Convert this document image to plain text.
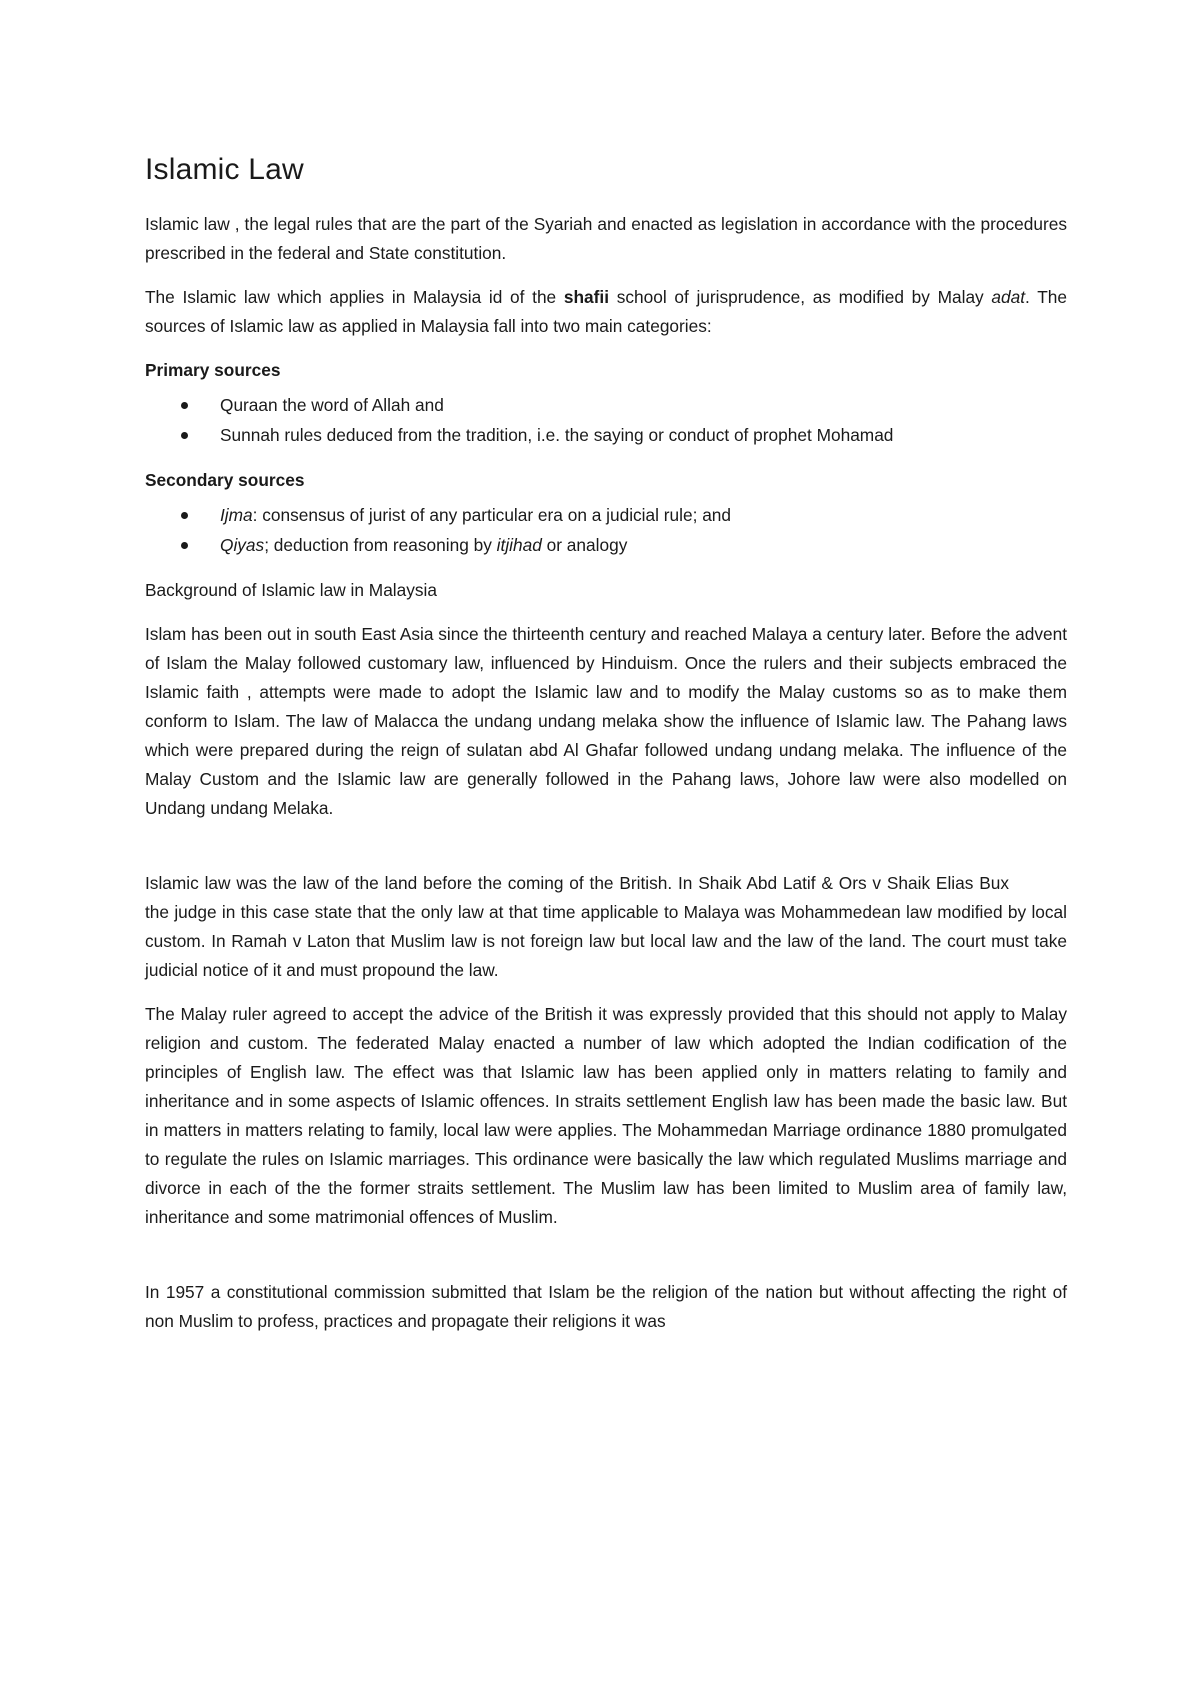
Islamic Law

Islamic law , the legal rules that are the part of the Syariah and enacted as legislation in accordance with the procedures prescribed in the federal and State constitution.

The Islamic law which applies in Malaysia id of the shafii school of jurisprudence, as modified by Malay adat. The sources of Islamic law as applied in Malaysia fall into two main categories:

Primary sources
Quraan the word of Allah and
Sunnah rules deduced from the tradition, i.e. the saying or conduct of prophet Mohamad
Secondary sources
Ijma: consensus of jurist of any particular era on a judicial rule; and
Qiyas; deduction from reasoning by itjihad or analogy

Background of Islamic law in Malaysia

Islam has been out in south East Asia since the thirteenth century and reached Malaya a century later. Before the advent of Islam the Malay followed customary law, influenced by Hinduism. Once the rulers and their subjects embraced the Islamic faith , attempts were made to adopt the Islamic law and to modify the Malay customs so as to make them conform to Islam. The law of Malacca the undang undang melaka show the influence of Islamic law. The Pahang laws which were prepared during the reign of sulatan abd Al Ghafar followed undang undang melaka. The influence of the Malay Custom and the Islamic law are generally followed in the Pahang laws, Johore law were also modelled on Undang undang Melaka.

Islamic law was the law of the land before the coming of the British. In Shaik Abd Latif & Ors v Shaik Elias Buxthe judge in this case state that the only law at that time applicable to Malaya was Mohammedean law modified by local custom. In Ramah v Laton that Muslim law is not foreign law but local law and the law of the land. The court must take judicial notice of it and must propound the law.

The Malay ruler agreed to accept the advice of the British it was expressly provided that this should not apply to Malay religion and custom. The federated Malay enacted a number of law which adopted the Indian codification of the principles of English law. The effect was that Islamic law has been applied only in matters relating to family and inheritance and in some aspects of Islamic offences. In straits settlement English law has been made the basic law. But in matters in matters relating to family, local law were applies. The Mohammedan Marriage ordinance 1880 promulgated to regulate the rules on Islamic marriages. This ordinance were basically the law which regulated Muslims marriage and divorce in each of the the former straits settlement. The Muslim law has been limited to Muslim area of family law, inheritance and some matrimonial offences of Muslim.

In 1957 a constitutional commission submitted that Islam be the religion of the nation but without affecting the right of non Muslim to profess, practices and propagate their religions it was
